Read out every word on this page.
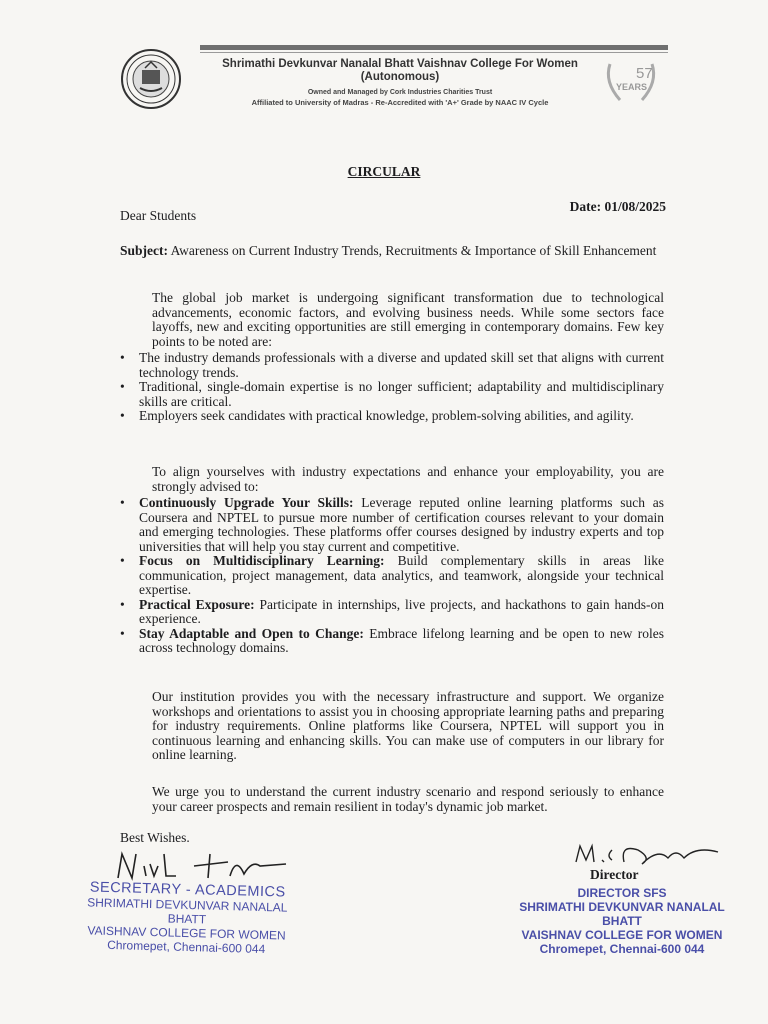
Shrimathi Devkunvar Nanalal Bhatt Vaishnav College For Women
(Autonomous)
Owned and Managed by Cork Industries Charities Trust
Affiliated to University of Madras - Re-Accredited with 'A+' Grade by NAAC IV Cycle
57
YEARS
CIRCULAR
Date: 01/08/2025
Dear Students
Subject: Awareness on Current Industry Trends, Recruitments & Importance of Skill Enhancement
The global job market is undergoing significant transformation due to technological advancements, economic factors, and evolving business needs. While some sectors face layoffs, new and exciting opportunities are still emerging in contemporary domains. Few key points to be noted are:
• The industry demands professionals with a diverse and updated skill set that aligns with current technology trends.
• Traditional, single-domain expertise is no longer sufficient; adaptability and multidisciplinary skills are critical.
• Employers seek candidates with practical knowledge, problem-solving abilities, and agility.
To align yourselves with industry expectations and enhance your employability, you are strongly advised to:
• Continuously Upgrade Your Skills: Leverage reputed online learning platforms such as Coursera and NPTEL to pursue more number of certification courses relevant to your domain and emerging technologies. These platforms offer courses designed by industry experts and top universities that will help you stay current and competitive.
• Focus on Multidisciplinary Learning: Build complementary skills in areas like communication, project management, data analytics, and teamwork, alongside your technical expertise.
• Practical Exposure: Participate in internships, live projects, and hackathons to gain hands-on experience.
• Stay Adaptable and Open to Change: Embrace lifelong learning and be open to new roles across technology domains.
Our institution provides you with the necessary infrastructure and support. We organize workshops and orientations to assist you in choosing appropriate learning paths and preparing for industry requirements. Online platforms like Coursera, NPTEL will support you in continuous learning and enhancing skills. You can make use of computers in our library for online learning.
We urge you to understand the current industry scenario and respond seriously to enhance your career prospects and remain resilient in today's dynamic job market.
Best Wishes.
SECRETARY - ACADEMICS
SHRIMATHI DEVKUNVAR NANALAL BHATT
VAISHNAV COLLEGE FOR WOMEN
Chromepet, Chennai-600 044
Director
DIRECTOR SFS
SHRIMATHI DEVKUNVAR NANALAL BHATT
VAISHNAV COLLEGE FOR WOMEN
Chromepet, Chennai-600 044
